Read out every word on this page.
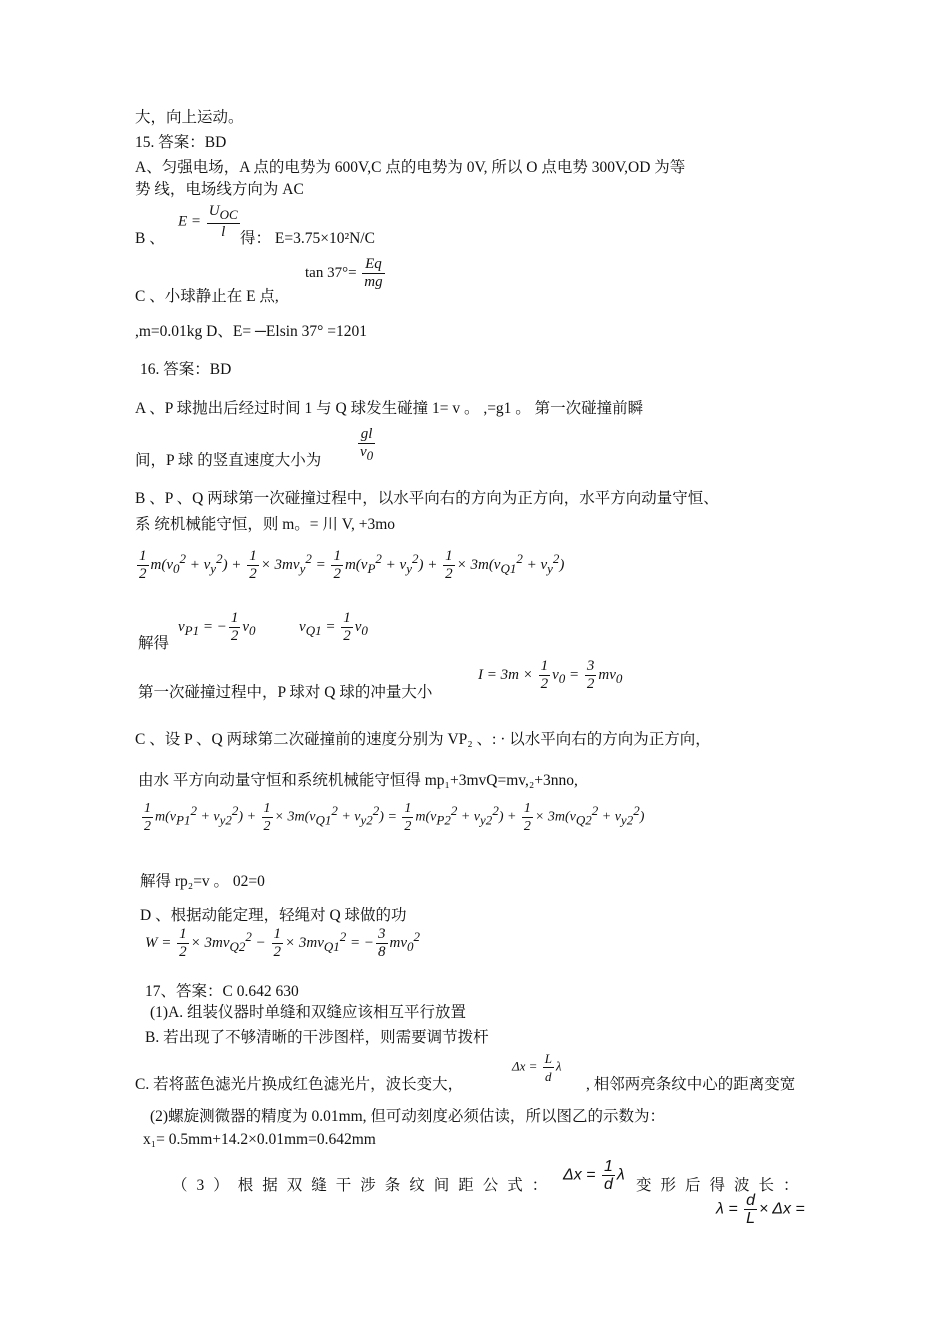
大，向上运动。
15. 答案：BD
A、匀强电场，A 点的电势为 600V,C 点的电势为 0V, 所以 O 点电势 300V,OD 为等
势 线，电场线方向为 AC
B 、
$E = \frac{U_{OC}}{l}$ 得： E=3.75×10²N/C
$\tan 37^\circ= \frac{Eq}{mg}$
C 、小球静止在 E 点,
,m=0.01kg D、E= ─Elsin 37° =1201
16. 答案：BD
A 、P 球抛出后经过时间 1 与 Q 球发生碰撞 1= v 。 ,=g1 。 第一次碰撞前瞬
$\frac{gl}{v_0}$
间，P 球 的竖直速度大小为
B 、P 、Q 两球第一次碰撞过程中，以水平向右的方向为正方向，水平方向动量守恒、
系 统机械能守恒，则 m。= 川 V, +3mo
$\frac{1}{2} m(v_0^2 + v_y^2) + \frac{1}{2} \times 3mv_y^2 = \frac{1}{2} m(v_P^2 + v_y^2) + \frac{1}{2} \times 3m(v_{Q1}^2 + v_y^2)$
解得
$v_{P1}$ = − $\frac{1}{2} v_0$	$v_{Q1} = \frac{1}{2} v_0$
第一次碰撞过程中，P 球对 Q 球的冲量大小
$I = 3m \times \frac{1}{2} v_0 = \frac{3}{2} mv_0$
C 、设 P 、Q 两球第二次碰撞前的速度分别为 VP₂ 、: · 以水平向右的方向为正方向，
由水 平方向动量守恒和系统机械能守恒得 mp₁+3mvQ=mv,₂+3nno,
$\frac{1}{2} m(v_{P1}^2 + v_{y2}^2) + \frac{1}{2} \times 3m(v_{Q1}^2 + v_{y2}^2) = \frac{1}{2} m(v_{P2}^2 + v_{y2}^2) + \frac{1}{2} \times 3m(v_{Q2}^2 + v_{y2}^2)$
解得 rp₂=v 。 02=0
D 、根据动能定理，轻绳对 Q 球做的功
$W = \frac{1}{2} \times 3mv_{Q2}^2 - \frac{1}{2} \times 3mv_{Q1}^2$ = − $\frac{3}{8} mv_0^2$
17、答案：C 0.642 630
(1)A. 组装仪器时单缝和双缝应该相互平行放置
B. 若出现了不够清晰的干涉图样，则需要调节拨杆
C. 若将蓝色滤光片换成红色滤光片，波长变大，
$\Delta x = \frac{L}{d}$ λ
, 相邻两亮条纹中心的距离变宽
(2)螺旋测微器的精度为 0.01mm, 但可动刻度必须估读，所以图乙的示数为：
x₁= 0.5mm+14.2×0.01mm=0.642mm
（3）根据双缝干涉条纹间距公式：
$\Delta x = \frac{1}{d}$ λ
变形后得波长：
$\lambda = \frac{d}{L} \times \Delta x$ =
